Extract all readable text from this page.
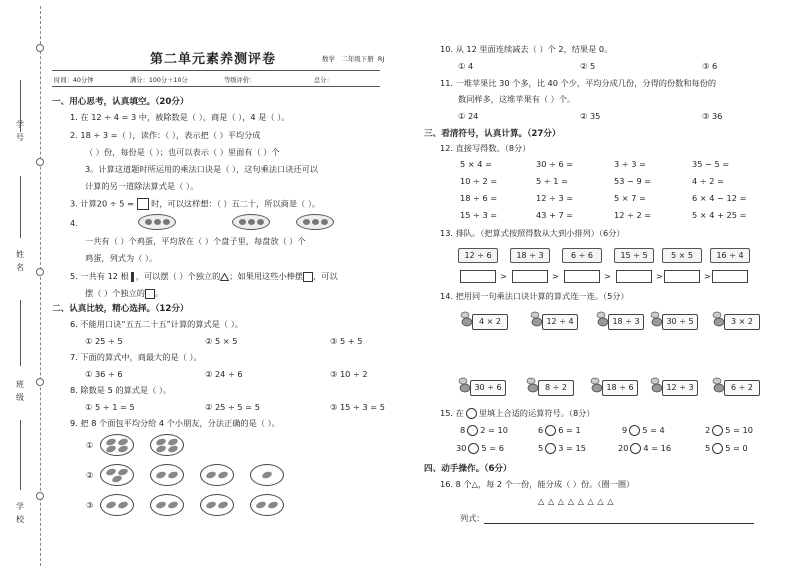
学号
姓名
班级
学校
第二单元素养测评卷	数学 二年级下册 RJ
时间：40分钟	满分：100分＋10分	等级评价：	总分：
一、用心思考，认真填空。（20分）
1. 在 12 ÷ 4 = 3 中，被除数是（ ），商是（ ），4 是（ ）。
2. 18 ÷ 3 =（ ），读作：（ ），表示把（ ）平均分成
（ ）份，每份是（ ）；也可以表示（ ）里面有（ ）个
3。计算这道题时所运用的乘法口诀是（ ），这句乘法口诀还可以
计算的另一道除法算式是（ ）。
3. 计算20 ÷ 5 = 时，可以这样想：（ ）五二十，所以商是（ ）。
4.
一共有（ ）个鸡蛋，平均放在（ ）个盘子里，每盘放（ ）个
鸡蛋，列式为（ ）。
5. 一共有 12 根 ，可以摆（ ）个独立的 ；如果用这些小棒摆 ，可以
摆（ ）个独立的 。
二、认真比较，精心选择。（12分）
6. 不能用口诀“五五二十五”计算的算式是（ ）。
① 25 ÷ 5	② 5 × 5	③ 5 + 5
7. 下面的算式中，商最大的是（ ）。
① 36 ÷ 6	② 24 ÷ 6	③ 10 ÷ 2
8. 除数是 5 的算式是（ ）。
① 5 ÷ 1 = 5	② 25 ÷ 5 = 5	③ 15 ÷ 3 = 5
9. 把 8 个面包平均分给 4 个小朋友，分法正确的是（ ）。
①
②
③
10. 从 12 里面连续减去（ ）个 2，结果是 0。
① 4	② 5	③ 6
11. 一堆苹果比 30 个多，比 40 个少，平均分成几份，分得的份数和每份的
数同样多，这堆苹果有（ ）个。
① 24	② 35	③ 36
三、看清符号，认真计算。（27分）
12. 直接写得数。（8分）
5 × 4 =	30 ÷ 6 =	3 ÷ 3 =	35 − 5 =
10 ÷ 2 =	5 ÷ 1 =	53 − 9 =	4 ÷ 2 =
18 ÷ 6 =	12 ÷ 3 =	5 × 7 =	6 × 4 − 12 =
15 ÷ 3 =	43 + 7 =	12 ÷ 2 =	5 × 4 + 25 =
13. 排队。（把算式按照得数从大到小排列）（6分）
12 ÷ 6	18 ÷ 3	6 ÷ 6	15 ÷ 5	5 × 5	16 ÷ 4
>	>	>	>	>
14. 把用同一句乘法口诀计算的算式连一连。（5分）
4 × 2	12 ÷ 4	18 ÷ 3	30 ÷ 5	3 × 2
30 ÷ 6	8 ÷ 2	18 ÷ 6	12 ÷ 3	6 ÷ 2
15. 在 里填上合适的运算符号。（8分）
8 2 = 10	6 6 = 1	9 5 = 4	2 5 = 10
30 5 = 6	5 3 = 15	20 4 = 16	5 5 = 0
四、动手操作。（6分）
16. 8 个△，每 2 个一份，能分成（ ）份。（圈一圈）
△ △ △ △ △ △ △ △
列式：
